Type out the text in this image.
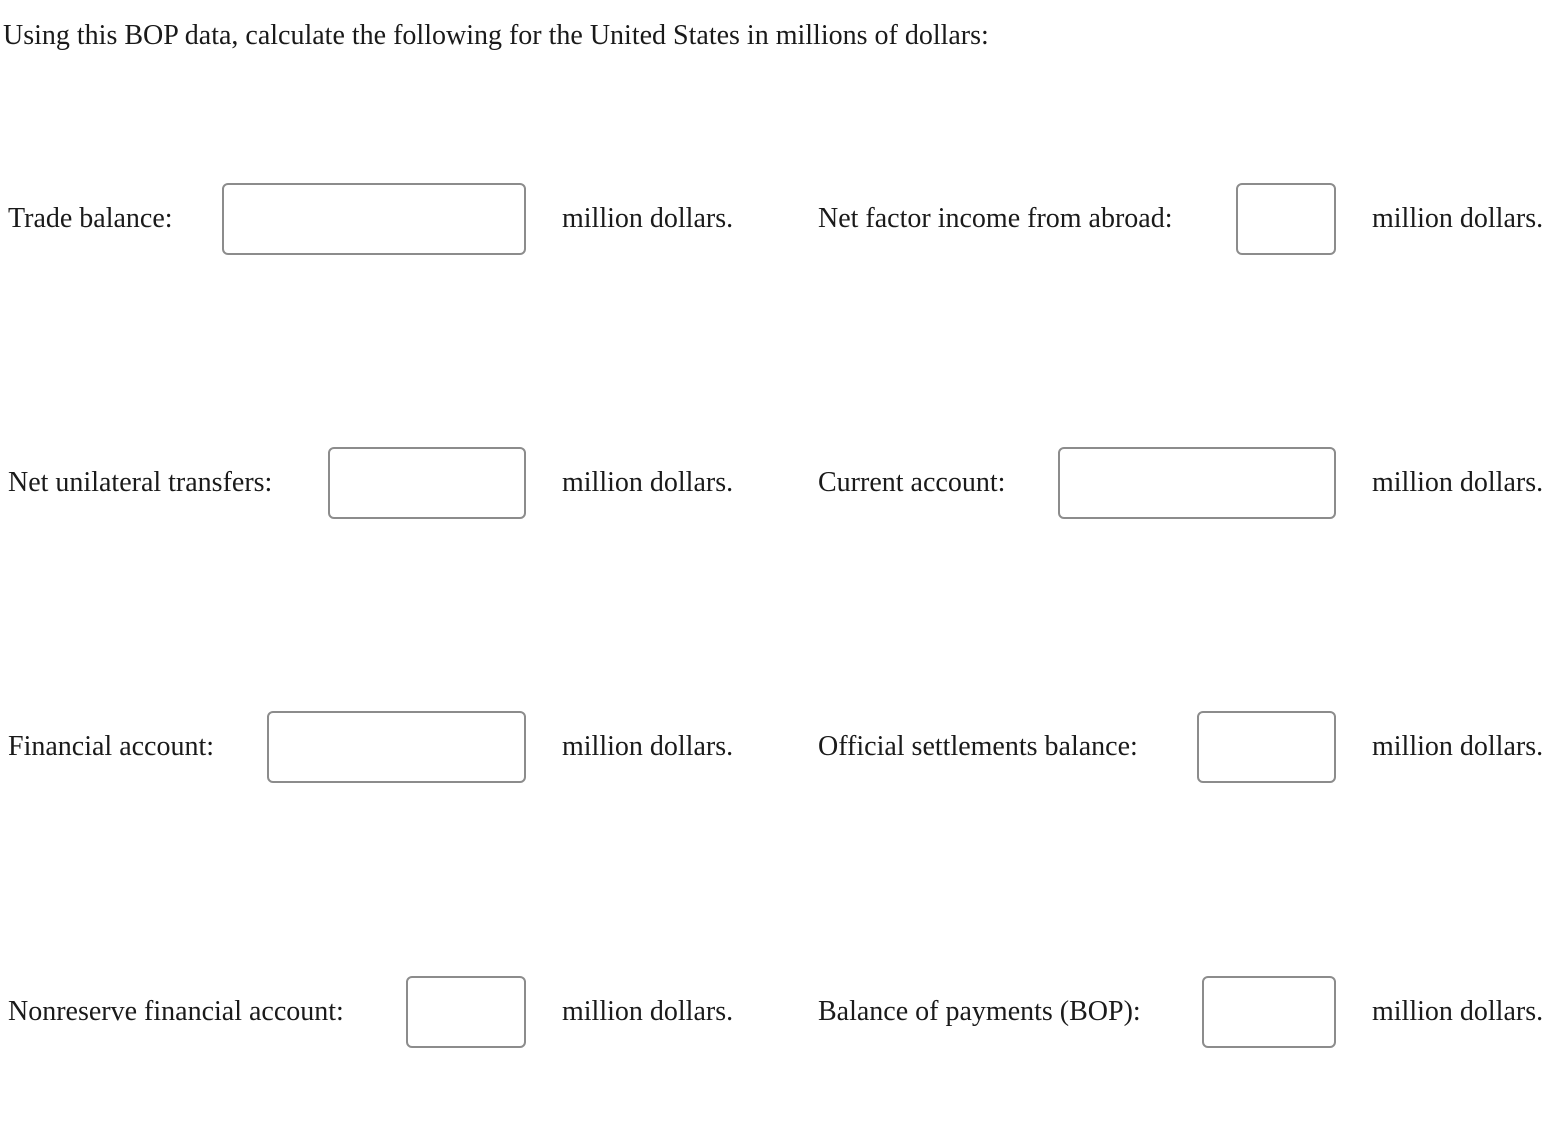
Using this BOP data, calculate the following for the United States in millions of dollars:
Trade balance:	million dollars.	Net factor income from abroad:	million dollars.
Net unilateral transfers:	million dollars.	Current account:	million dollars.
Financial account:	million dollars.	Official settlements balance:	million dollars.
Nonreserve financial account:	million dollars.	Balance of payments (BOP):	million dollars.
